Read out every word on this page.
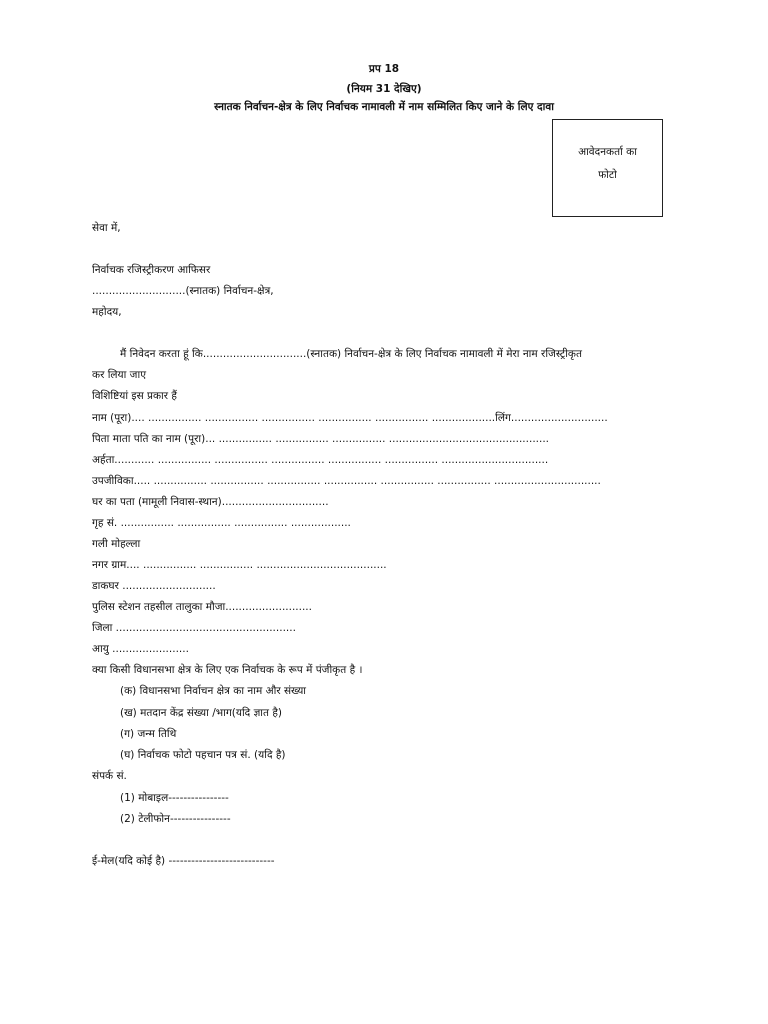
प्रप 18
(नियम 31 देखिए)
स्नातक निर्वाचन-क्षेत्र के लिए निर्वाचक नामावली में नाम सम्मिलित किए जाने के लिए दावा
आवेदनकर्ता का
फोटो
सेवा में,
निर्वाचक रजिस्ट्रीकरण आफिसर
............................(स्नातक) निर्वाचन-क्षेत्र,
महोदय,
मैं निवेदन करता हूं कि...............................(स्नातक) निर्वाचन-क्षेत्र के लिए निर्वाचक नामावली में मेरा नाम रजिस्ट्रीकृत
कर लिया जाए
विशिष्टियां इस प्रकार हैं
नाम (पूरा).... ................ ................ ................ ................ ................ ...................लिंग.............................
पिता माता पति का नाम (पूरा)... ................ ................ ................ ................................................
अर्हता............ ................ ................ ................ ................ ................ ................................
उपजीविका..... ................ ................ ................ ................ ................ ................ ................................
घर का पता (मामूली निवास-स्थान)................................
गृह सं. ................ ................ ................ ..................
गली मोहल्ला
नगर ग्राम.... ................ ................ .......................................
डाकघर ............................
पुलिस स्टेशन तहसील तालुका मौजा..........................
जिला ......................................................
आयु .......................
क्या किसी विधानसभा क्षेत्र के लिए एक निर्वाचक के रूप में पंजीकृत है ।
(क) विधानसभा निर्वाचन क्षेत्र का नाम और संख्या
(ख) मतदान केंद्र संख्या /भाग(यदि ज्ञात है)
(ग) जन्म तिथि
(घ) निर्वाचक फोटो पहचान पत्र सं. (यदि है)
संपर्क सं.
(1) मोबाइल----------------
(2) टेलीफोन----------------
ई-मेल(यदि कोई है) ----------------------------
